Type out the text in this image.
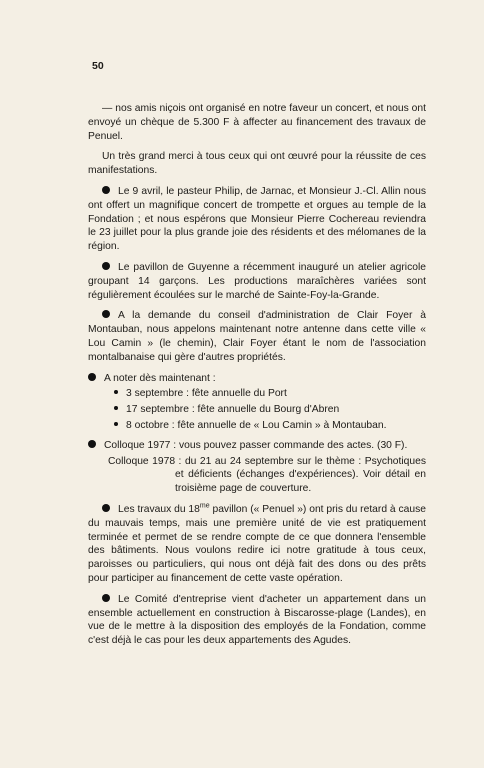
50

— nos amis niçois ont organisé en notre faveur un concert, et nous ont envoyé un chèque de 5.300 F à affecter au financement des travaux de Penuel.

Un très grand merci à tous ceux qui ont œuvré pour la réussite de ces manifestations.

Le 9 avril, le pasteur Philip, de Jarnac, et Monsieur J.-Cl. Allin nous ont offert un magnifique concert de trompette et orgues au temple de la Fondation ; et nous espérons que Monsieur Pierre Cochereau reviendra le 23 juillet pour la plus grande joie des résidents et des mélomanes de la région.

Le pavillon de Guyenne a récemment inauguré un atelier agricole groupant 14 garçons. Les productions maraîchères variées sont régulièrement écoulées sur le marché de Sainte-Foy-la-Grande.

A la demande du conseil d'administration de Clair Foyer à Montauban, nous appelons maintenant notre antenne dans cette ville « Lou Camin » (le chemin), Clair Foyer étant le nom de l'association montalbanaise qui gère d'autres propriétés.

A noter dès maintenant :

3 septembre : fête annuelle du Port
17 septembre : fête annuelle du Bourg d'Abren
8 octobre : fête annuelle de « Lou Camin » à Montauban.

Colloque 1977 : vous pouvez passer commande des actes. (30 F).

Colloque 1978 : du 21 au 24 septembre sur le thème : Psychotiques et déficients (échanges d'expériences). Voir détail en troisième page de couverture.

Les travaux du $18^{me}$ pavillon (« Penuel ») ont pris du retard à cause du mauvais temps, mais une première unité de vie est pratiquement terminée et permet de se rendre compte de ce que donnera l'ensemble des bâtiments. Nous voulons redire ici notre gratitude à tous ceux, paroisses ou particuliers, qui nous ont déjà fait des dons ou des prêts pour participer au financement de cette vaste opération.

Le Comité d'entreprise vient d'acheter un appartement dans un ensemble actuellement en construction à Biscarosse-plage (Landes), en vue de le mettre à la disposition des employés de la Fondation, comme c'est déjà le cas pour les deux appartements des Agudes.
